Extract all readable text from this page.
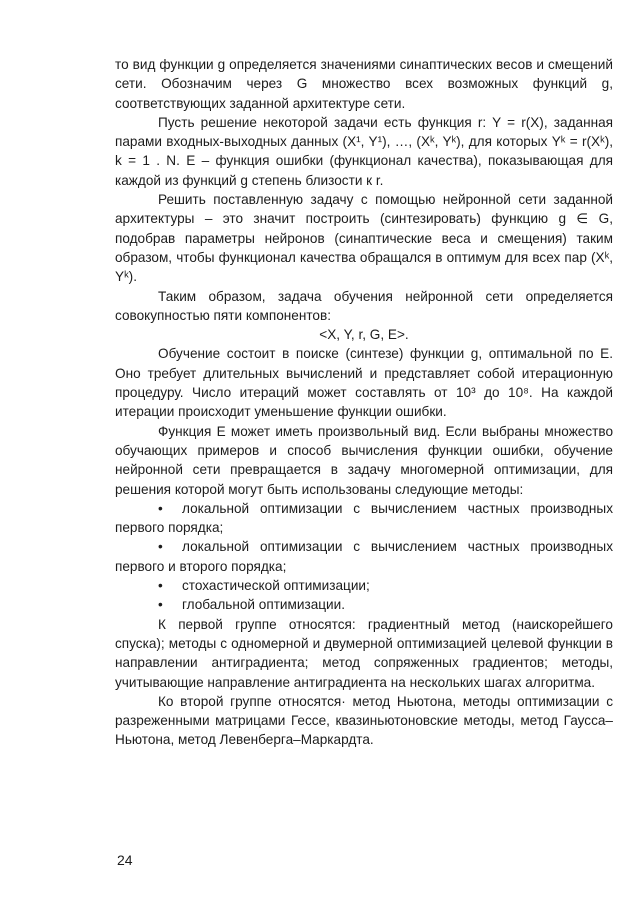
то вид функции g определяется значениями синаптических весов и смещений сети. Обозначим через G множество всех возможных функций g, соответствующих заданной архитектуре сети.

Пусть решение некоторой задачи есть функция r: Y = r(X), заданная парами входных-выходных данных (X¹, Y¹), …, (Xᵏ, Yᵏ), для которых Yᵏ = r(Xᵏ), k = 1 . N. E – функция ошибки (функционал качества), показывающая для каждой из функций g степень близости к r.

Решить поставленную задачу с помощью нейронной сети заданной архитектуры – это значит построить (синтезировать) функцию g ∈ G, подобрав параметры нейронов (синаптические веса и смещения) таким образом, чтобы функционал качества обращался в оптимум для всех пар (Xᵏ, Yᵏ).

Таким образом, задача обучения нейронной сети определяется совокупностью пяти компонентов:

<X, Y, r, G, E>.

Обучение состоит в поиске (синтезе) функции g, оптимальной по E. Оно требует длительных вычислений и представляет собой итерационную процедуру. Число итераций может составлять от 10³ до 10⁸. На каждой итерации происходит уменьшение функции ошибки.

Функция E может иметь произвольный вид. Если выбраны множество обучающих примеров и способ вычисления функции ошибки, обучение нейронной сети превращается в задачу многомерной оптимизации, для решения которой могут быть использованы следующие методы:

• локальной оптимизации с вычислением частных производных первого порядка;

• локальной оптимизации с вычислением частных производных первого и второго порядка;

• стохастической оптимизации;

• глобальной оптимизации.

К первой группе относятся: градиентный метод (наискорейшего спуска); методы с одномерной и двумерной оптимизацией целевой функции в направлении антиградиента; метод сопряженных градиентов; методы, учитывающие направление антиградиента на нескольких шагах алгоритма.

Ко второй группе относятся· метод Ньютона, методы оптимизации с разреженными матрицами Гессе, квазиньютоновские методы, метод Гаусса–Ньютона, метод Левенберга–Маркардта.

24
